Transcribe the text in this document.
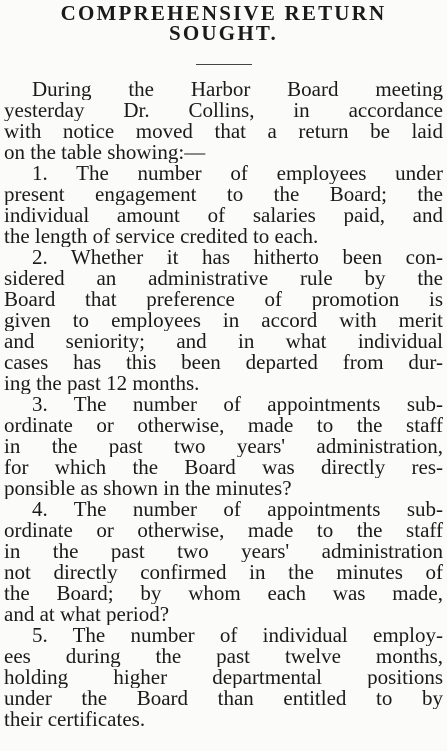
COMPREHENSIVE RETURN
SOUGHT.
During the Harbor Board meeting
yesterday Dr. Collins, in accordance
with notice moved that a return be laid
on the table showing:—
1. The number of employees under
present engagement to the Board; the
individual amount of salaries paid, and
the length of service credited to each.
2. Whether it has hitherto been con-
sidered an administrative rule by the
Board that preference of promotion is
given to employees in accord with merit
and seniority; and in what individual
cases has this been departed from dur-
ing the past 12 months.
3. The number of appointments sub-
ordinate or otherwise, made to the staff
in the past two years' administration,
for which the Board was directly res-
ponsible as shown in the minutes?
4. The number of appointments sub-
ordinate or otherwise, made to the staff
in the past two years' administration
not directly confirmed in the minutes of
the Board; by whom each was made,
and at what period?
5. The number of individual employ-
ees during the past twelve months,
holding higher departmental positions
under the Board than entitled to by
their certificates.
